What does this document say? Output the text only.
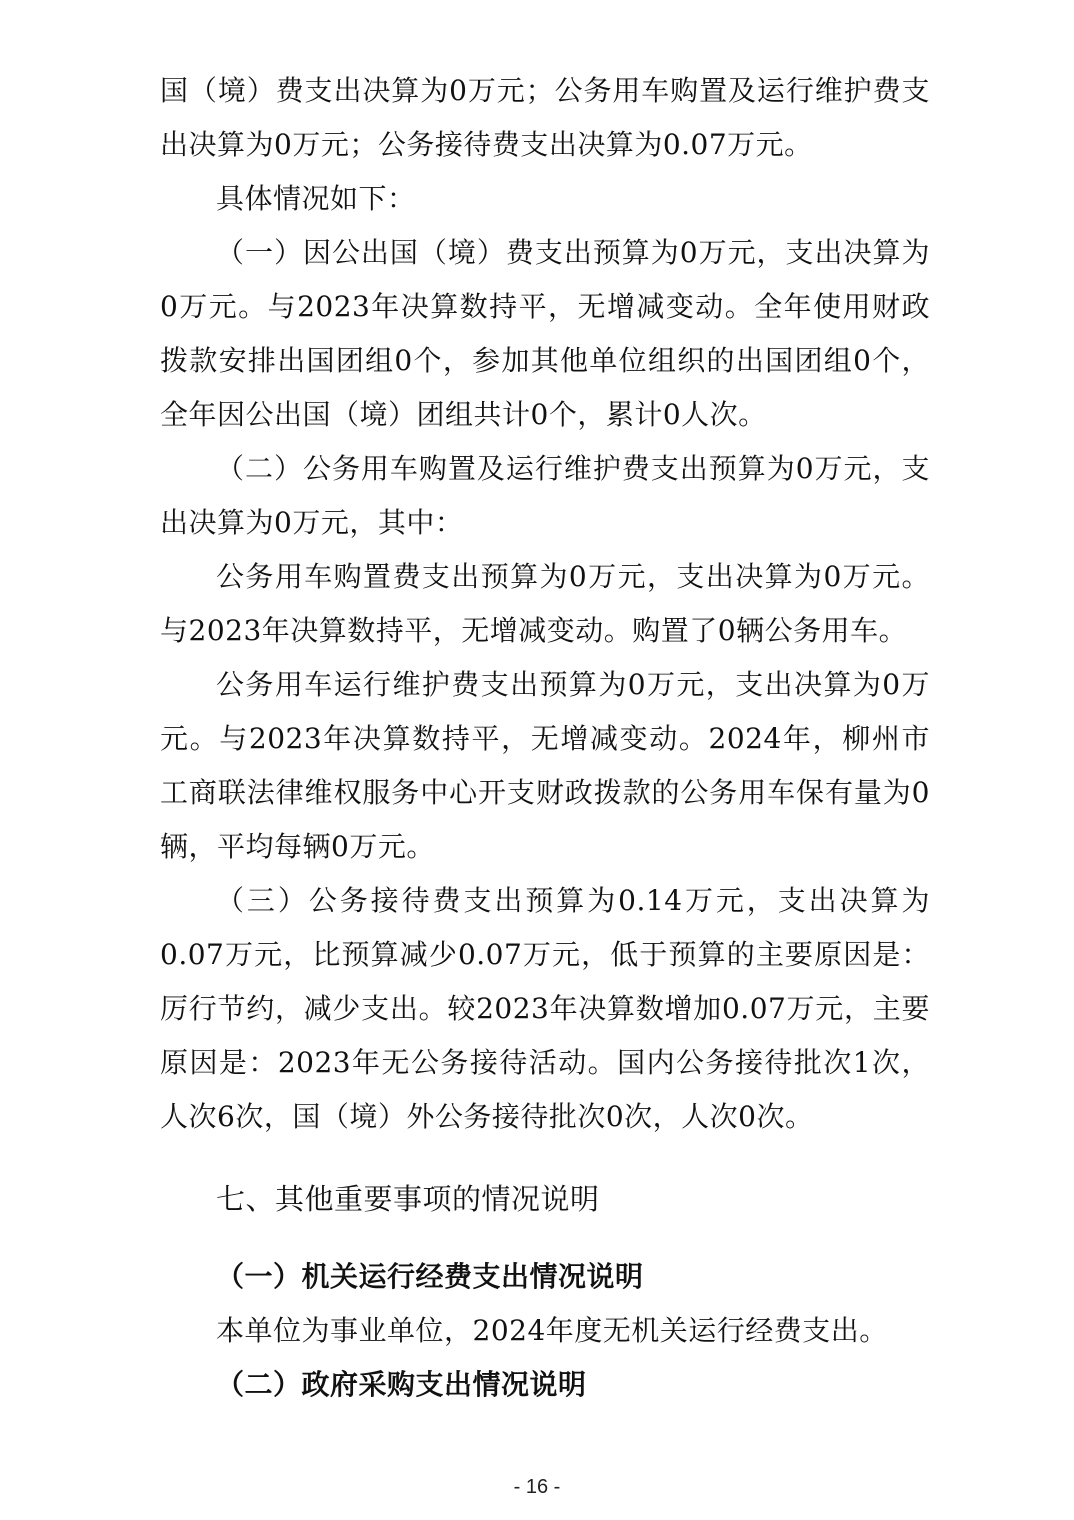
国（境）费支出决算为0万元；公务用车购置及运行维护费支出决算为0万元；公务接待费支出决算为0.07万元。

具体情况如下：

（一）因公出国（境）费支出预算为0万元，支出决算为0万元。与2023年决算数持平，无增减变动。全年使用财政拨款安排出国团组0个，参加其他单位组织的出国团组0个，全年因公出国（境）团组共计0个，累计0人次。

（二）公务用车购置及运行维护费支出预算为0万元，支出决算为0万元，其中：

公务用车购置费支出预算为0万元，支出决算为0万元。与2023年决算数持平，无增减变动。购置了0辆公务用车。

公务用车运行维护费支出预算为0万元，支出决算为0万元。与2023年决算数持平，无增减变动。2024年，柳州市工商联法律维权服务中心开支财政拨款的公务用车保有量为0辆，平均每辆0万元。

（三）公务接待费支出预算为0.14万元，支出决算为0.07万元，比预算减少0.07万元，低于预算的主要原因是：厉行节约，减少支出。较2023年决算数增加0.07万元，主要原因是：2023年无公务接待活动。国内公务接待批次1次，人次6次，国（境）外公务接待批次0次，人次0次。

七、其他重要事项的情况说明

（一）机关运行经费支出情况说明

本单位为事业单位，2024年度无机关运行经费支出。

（二）政府采购支出情况说明

- 16 -
